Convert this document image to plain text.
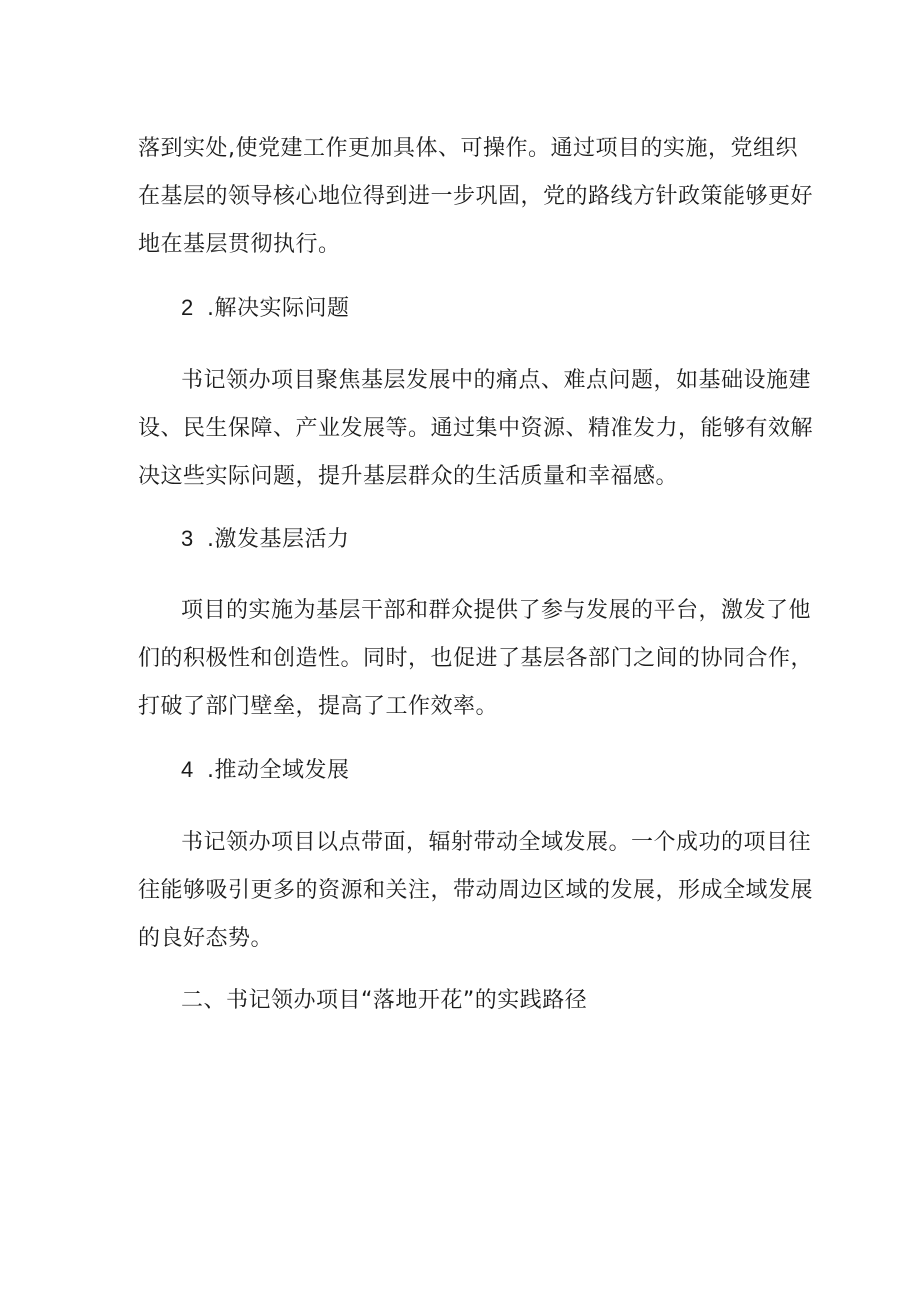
落到实处,使党建工作更加具体、可操作。通过项目的实施，党组织
在基层的领导核心地位得到进一步巩固，党的路线方针政策能够更好
地在基层贯彻执行。
2 .解决实际问题
书记领办项目聚焦基层发展中的痛点、难点问题，如基础设施建
设、民生保障、产业发展等。通过集中资源、精准发力，能够有效解
决这些实际问题，提升基层群众的生活质量和幸福感。
3 .激发基层活力
项目的实施为基层干部和群众提供了参与发展的平台，激发了他
们的积极性和创造性。同时，也促进了基层各部门之间的协同合作，
打破了部门壁垒，提高了工作效率。
4 .推动全域发展
书记领办项目以点带面，辐射带动全域发展。一个成功的项目往
往能够吸引更多的资源和关注，带动周边区域的发展，形成全域发展
的良好态势。
二、书记领办项目“落地开花”的实践路径
